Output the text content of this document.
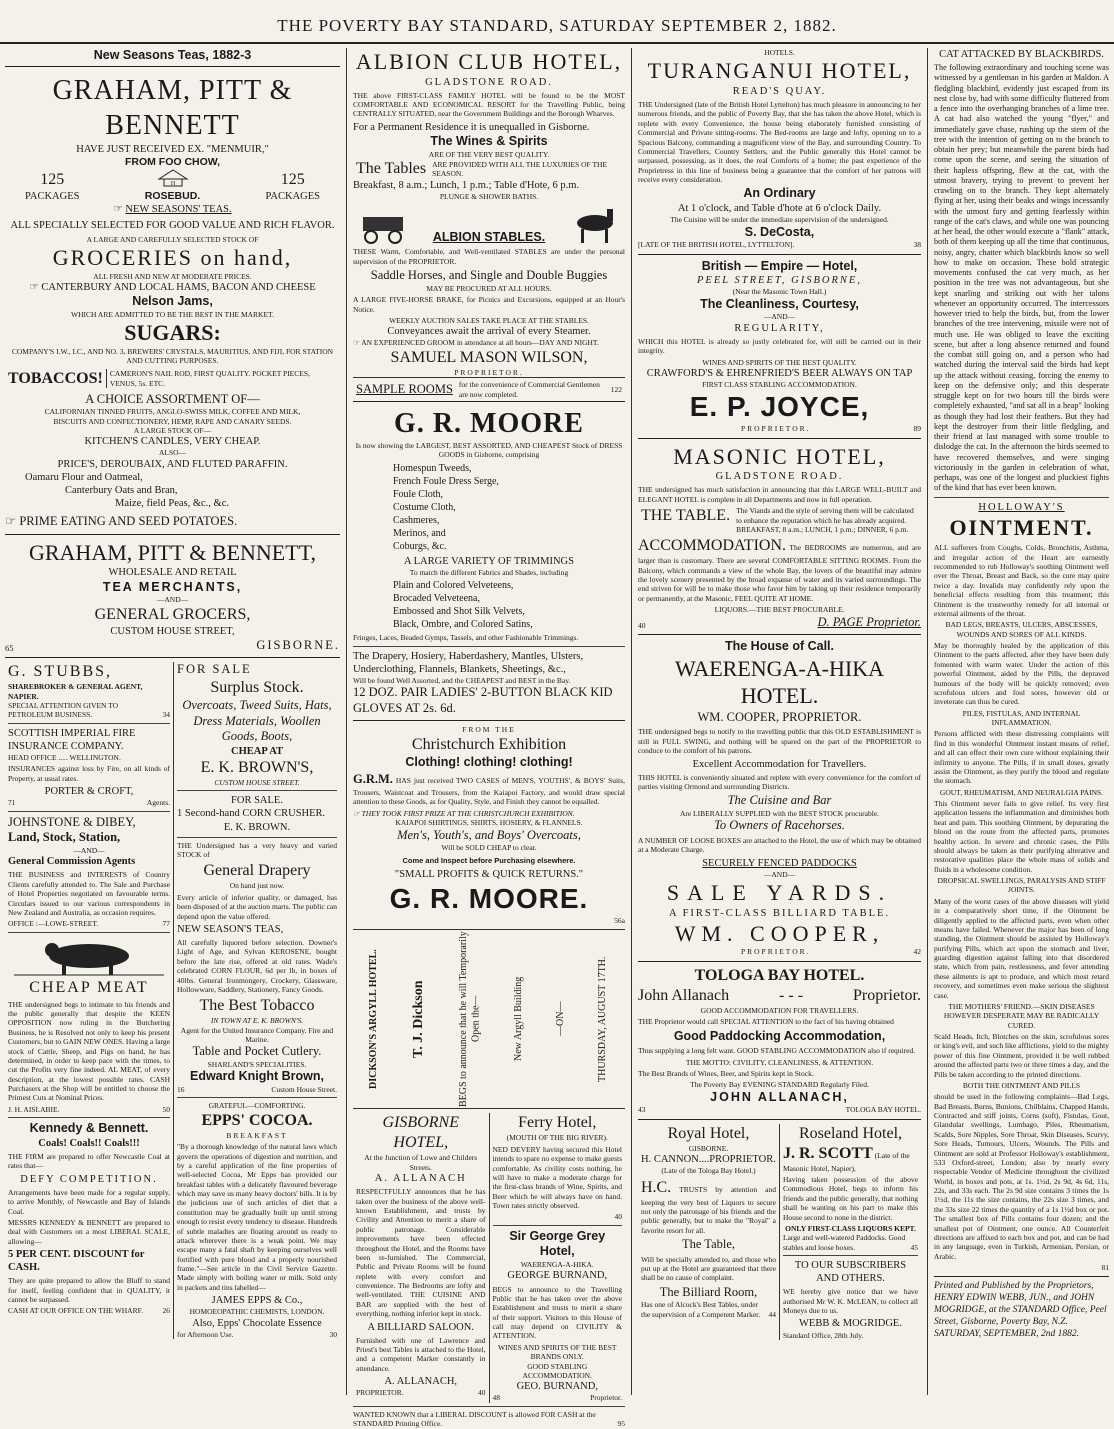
THE POVERTY BAY STANDARD, SATURDAY SEPTEMBER 2, 1882.
New Seasons Teas, 1882-3
GRAHAM, PITT & BENNETT
HAVE JUST RECEIVED EX. "MENMUIR,"
FROM FOO CHOW,
125
PACKAGES
H
ROSEBUD.
125
PACKAGES
☞ NEW SEASONS' TEAS.
ALL SPECIALLY SELECTED FOR GOOD VALUE AND RICH FLAVOR.
A LARGE AND CAREFULLY SELECTED STOCK OF
GROCERIES on hand,
ALL FRESH AND NEW AT MODERATE PRICES.
☞ CANTERBURY AND LOCAL HAMS, BACON AND CHEESE
Nelson Jams,
WHICH ARE ADMITTED TO BE THE BEST IN THE MARKET.
SUGARS:
COMPANY'S I.W., I.C., AND NO. 3, BREWERS' CRYSTALS, MAURITIUS, AND FIJI, FOR STATION AND CUTTING PURPOSES.
TOBACCOS! CAMERON'S NAIL ROD, FIRST QUALITY. POCKET PIECES, VENUS, 5s. ETC.
A CHOICE ASSORTMENT OF—
CALIFORNIAN TINNED FRUITS, ANGLO-SWISS MILK, COFFEE AND MILK, BISCUITS AND CONFECTIONERY, HEMP, RAPE AND CANARY SEEDS.
A LARGE STOCK OF—
KITCHEN'S CANDLES, VERY CHEAP.
ALSO—
PRICE'S, DEROUBAIX, AND FLUTED PARAFFIN.
Oamaru Flour and Oatmeal,
Canterbury Oats and Bran,
Maize, field Peas, &c., &c.
☞ PRIME EATING AND SEED POTATOES.
GRAHAM, PITT & BENNETT,
WHOLESALE AND RETAIL
TEA MERCHANTS,
—AND—
GENERAL GROCERS,
CUSTOM HOUSE STREET,
65	GISBORNE.
G. STUBBS,
SHAREBROKER & GENERAL AGENT, NAPIER.
SPECIAL ATTENTION GIVEN TO PETROLEUM BUSINESS.	34
SCOTTISH IMPERIAL FIRE INSURANCE COMPANY.
HEAD OFFICE ..... WELLINGTON.
INSURANCES against loss by Fire, on all kinds of Property, at usual rates.
PORTER & CROFT,
71	Agents.
JOHNSTONE & DIBEY,
Land, Stock, Station,
—AND—
General Commission Agents
THE BUSINESS and INTERESTS of Country Clients carefully attended to. The Sale and Purchase of Hotel Properties negotiated on favourable terms. Circulars issued to our various correspondents in New Zealand and Australia, as occasion requires.
OFFICE :—LOWE-STREET.	77
CHEAP MEAT
THE undersigned begs to intimate to his friends and the public generally that despite the KEEN OPPOSITION now ruling in the Butchering Business, he is Resolved not only to keep his present Customers, but to GAIN NEW ONES. Having a large stock of Cattle, Sheep, and Pigs on hand, he has determined, in order to keep pace with the times, to cut the Profits very fine indeed. AL MEAT, of every description, at the lowest possible rates. CASH Purchasers at the Shop will be entitled to choose the Primest Cuts at Nominal Prices.
J. H. AISLABIE.	50
Kennedy & Bennett.
Coals! Coals!! Coals!!!
THE FIRM are prepared to offer Newcastle Coal at rates that—
DEFY COMPETITION.
Arrangements have been made for a regular supply, to arrive Monthly, of Newcastle and Bay of Islands Coal.
MESSRS KENNEDY & BENNETT are prepared to deal with Customers on a most LIBERAL SCALE, allowing—
5 PER CENT. DISCOUNT for CASH.
They are quite prepared to allow the Bluff to stand for itself, feeling confident that in QUALITY, it cannot be surpassed.
CASH AT OUR OFFICE ON THE WHARF.	26
FOR SALE
Surplus Stock.
Overcoats, Tweed Suits, Hats, Dress Materials, Woollen Goods, Boots,
CHEAP AT
E. K. BROWN'S,
CUSTOM HOUSE STREET.
FOR SALE.
1 Second-hand CORN CRUSHER.
E. K. BROWN.
THE Undersigned has a very heavy and varied STOCK of
General Drapery
On hand just now.
Every article of inferior quality, or damaged, has been disposed of at the auction marts. The public can depend upon the value offered.
NEW SEASON'S TEAS,
All carefully liquored before selection. Downer's Light of Age, and Sylvan KEROSENE, bought before the late rise, offered at old rates. Wade's celebrated CORN FLOUR, 6d per lb, in boxes of 40lbs. General Ironmongery, Crockery, Glassware, Hollowware, Saddlery, Stationery, Fancy Goods.
The Best Tobacco
IN TOWN AT E. K. BROWN'S.
Agent for the United Insurance Company. Fire and Marine.
Table and Pocket Cutlery.
SHARLAND'S SPECIALITIES.
Edward Knight Brown,
16	Custom House Street.
GRATEFUL—COMFORTING.
EPPS' COCOA.
BREAKFAST
"By a thorough knowledge of the natural laws which govern the operations of digestion and nutrition, and by a careful application of the fine properties of well-selected Cocoa, Mr Epps has provided our breakfast tables with a delicately flavoured beverage which may save us many heavy doctors' bills. It is by the judicious use of such articles of diet that a constitution may be gradually built up until strong enough to resist every tendency to disease. Hundreds of subtle maladies are floating around us ready to attack wherever there is a weak point. We may escape many a fatal shaft by keeping ourselves well fortified with pure blood and a properly nourished frame."—See article in the Civil Service Gazette. Made simply with boiling water or milk. Sold only in packets and tins labelled—
JAMES EPPS & Co.,
HOMOEOPATHIC CHEMISTS, LONDON.
Also, Epps' Chocolate Essence
for Afternoon Use.	30
ALBION CLUB HOTEL,
GLADSTONE ROAD.
THE above FIRST-CLASS FAMILY HOTEL will be found to be the MOST COMFORTABLE AND ECONOMICAL RESORT for the Travelling Public, being CENTRALLY SITUATED, near the Government Buildings and the Borough Wharves.
For a Permanent Residence it is unequalled in Gisborne.
The Wines & Spirits
ARE OF THE VERY BEST QUALITY.
The Tables ARE PROVIDED WITH ALL THE LUXURIES OF THE SEASON.
Breakfast, 8 a.m.; Lunch, 1 p.m.; Table d'Hote, 6 p.m.
PLUNGE & SHOWER BATHS.
ALBION STABLES.
THESE Warm, Comfortable, and Well-ventilated STABLES are under the personal supervision of the PROPRIETOR.
Saddle Horses, and Single and Double Buggies
MAY BE PROCURED AT ALL HOURS.
A LARGE FIVE-HORSE BRAKE, for Picnics and Excursions, equipped at an Hour's Notice.
WEEKLY AUCTION SALES TAKE PLACE AT THE STABLES.
Conveyances await the arrival of every Steamer.
☞ AN EXPERIENCED GROOM in attendance at all hours—DAY AND NIGHT.
SAMUEL MASON WILSON,
PROPRIETOR.
SAMPLE ROOMS for the convenience of Commercial Gentlemen are now completed.
122
G. R. MOORE
Is now showing the LARGEST, BEST ASSORTED, AND CHEAPEST Stock of DRESS GOODS in Gisborne, comprising
Homespun Tweeds,
French Foule Dress Serge,
Foule Cloth,
Costume Cloth,
Cashmeres,
Merinos, and
Coburgs, &c.
A LARGE VARIETY OF TRIMMINGS
To match the different Fabrics and Shades, including
Plain and Colored Velveteens,
Brocaded Velveteena,
Embossed and Shot Silk Velvets,
Black, Ombre, and Colored Satins,
Fringes, Laces, Beaded Gymps, Tassels, and other Fashionable Trimmings.
The Drapery, Hosiery, Haberdashery, Mantles, Ulsters, Underclothing, Flannels, Blankets, Sheetings, &c.,
Will be found Well Assorted, and the CHEAPEST and BEST in the Bay.
12 DOZ. PAIR LADIES' 2-BUTTON BLACK KID GLOVES AT 2s. 6d.
FROM THE
Christchurch Exhibition
Clothing! clothing! clothing!
G.R.M. HAS just received TWO CASES of MEN'S, YOUTHS', & BOYS' Suits, Trousers, Waistcoat and Trousers, from the Kaiapoi Factory, and would draw special attention to these Goods, as for Quality, Style, and Finish they cannot be equalled.
☞ THEY TOOK FIRST PRIZE AT THE CHRISTCHURCH EXHIBITION.
KAIAPOI SHIRTINGS, SHIRTS, HOSIERY, & FLANNELS.
Men's, Youth's, and Boys' Overcoats,
Will be SOLD CHEAP to clear.
Come and Inspect before Purchasing elsewhere.
"SMALL PROFITS & QUICK RETURNS."
G. R. MOORE.
56a
DICKSON'S ARGYLL HOTEL. T. J. Dickson	BEGS to announce that he will Temporarily Open the—	New Argyll Building	—ON—	THURSDAY, AUGUST 17TH.
GISBORNE HOTEL,
At the Junction of Lowe and Childers Streets.
A. ALLANACH
RESPECTFULLY announces that he has taken over the business of the above well-known Establishment, and trusts by Civility and Attention to merit a share of public patronage. Considerable improvements have been effected throughout the Hotel, and the Rooms have been re-furnished. The Commercial, Public and Private Rooms will be found replete with every comfort and convenience. The Bedrooms are lofty and well-ventilated. THE CUISINE AND BAR are supplied with the best of everything, nothing inferior kept in stock.
A BILLIARD SALOON.
Furnished with one of Lawrence and Priest's best Tables is attached to the Hotel, and a competent Marker constantly in attendance.
A. ALLANACH,
PROPRIETOR.	40
Ferry Hotel,
(MOUTH OF THE BIG RIVER).
NED DEVERY having secured this Hotel intends to spare no expense to make guests comfortable. As civility costs nothing, he will have to make a moderate charge for the first-class brands of Wine, Spirits, and Beer which he will always have on hand. Town rates strictly observed.
40
Sir George Grey Hotel,
WAERENGA-A-HIKA.
GEORGE BURNAND,
BEGS to announce to the Travelling Public that he has taken over the above Establishment and trusts to merit a share of their support. Visitors to this House of call may depend on CIVILITY & ATTENTION.
WINES AND SPIRITS OF THE BEST BRANDS ONLY.
GOOD STABLING ACCOMMODATION.
GEO. BURNAND,
48	Proprietor.
WANTED KNOWN that a LIBERAL DISCOUNT is allowed FOR CASH at the STANDARD Printing Office.	95
HOTELS.
TURANGANUI HOTEL,
READ'S QUAY.
THE Undersigned (late of the British Hotel Lyttelton) has much pleasure in announcing to her numerous friends, and the public of Poverty Bay, that she has taken the above Hotel, which is replete with every Convenience, the house being elaborately furnished consisting of Commercial and Private sitting-rooms. The Bed-rooms are large and lofty, opening on to a Spacious Balcony, commanding a magnificent view of the Bay, and surrounding Country. To Commercial Travellers, Country Settlers, and the Public generally this Hotel cannot be surpassed, possessing, as it does, the real Comforts of a home; the past experience of the Proprietress in this line of business being a guarantee that the comfort of her patrons will receive every consideration.
An Ordinary
At 1 o'clock, and Table d'hote at 6 o'clock Daily.
The Cuisine will be under the immediate supervision of the undersigned.
S. DeCosta,
[LATE OF THE BRITISH HOTEL, LYTTELTON].	38
British — Empire — Hotel,
PEEL STREET, GISBORNE,
(Near the Masonic Town Hall.)
The Cleanliness, Courtesy,
—AND—
REGULARITY,
WHICH this HOTEL is already so justly celebrated for, will still be carried out in their integrity.
WINES AND SPIRITS OF THE BEST QUALITY.
CRAWFORD'S & EHRENFRIED'S BEER ALWAYS ON TAP
FIRST CLASS STABLING ACCOMMODATION.
E. P. JOYCE,
PROPRIETOR.	89
MASONIC HOTEL,
GLADSTONE ROAD.
THE undersigned has much satisfaction in announcing that this LARGE WELL-BUILT and ELEGANT HOTEL is complete in all Departments and now in full operation.
THE TABLE. The Viands and the style of serving them will be calculated to enhance the reputation which he has already acquired. BREAKFAST, 8 a.m.; LUNCH, 1 p.m.; DINNER, 6 p.m.
ACCOMMODATION. The BEDROOMS are numerous, and are larger than is customary. There are several COMFORTABLE SITTING ROOMS. From the Balcony, which commands a view of the whole Bay, the lovers of the beautiful may admire the lovely scenery presented by the broad expanse of water and its varied surroundings. The end striven for will be to make those who favor him by taking up their residence temporarily or permanently, at the Masonic, FEEL QUITE AT HOME.
LIQUORS.—THE BEST PROCURABLE.
40	D. PAGE Proprietor.
The House of Call.
WAERENGA-A-HIKA HOTEL.
WM. COOPER, PROPRIETOR.
THE undersigned begs to notify to the travelling public that this OLD ESTABLISHMENT is still in FULL SWING, and nothing will be spared on the part of the PROPRIETOR to conduce to the comfort of his patrons.
Excellent Accommodation for Travellers.
THIS HOTEL is conveniently situated and replete with every convenience for the comfort of parties visiting Ormond and surrounding Districts.
The Cuisine and Bar
Are LIBERALLY SUPPLIED with the BEST STOCK procurable.
To Owners of Racehorses.
A NUMBER OF LOOSE BOXES are attached to the Hotel, the use of which may be obtained at a Moderate Charge.
SECURELY FENCED PADDOCKS
—AND—
SALE YARDS.
A FIRST-CLASS BILLIARD TABLE.
WM. COOPER,
PROPRIETOR.	42
TOLOGA BAY HOTEL.
John Allanach	- - -	Proprietor.
GOOD ACCOMMODATION FOR TRAVELLERS.
THE Proprietor would call SPECIAL ATTENTION to the fact of his having obtained
Good Paddocking Accommodation,
Thus supplying a long felt want. GOOD STABLING ACCOMMODATION also if required.
THE MOTTO: CIVILITY, CLEANLINESS, & ATTENTION.
The Best Brands of Wines, Beer, and Spirits kept in Stock.
The Poverty Bay EVENING STANDARD Regularly Filed.
JOHN ALLANACH,
43	TOLOGA BAY HOTEL.
Royal Hotel,
GISBORNE.
H. CANNON....PROPRIETOR.
(Late of the Tologa Bay Hotel.)
H.C. TRUSTS by attention and keeping the very best of Liquors to secure not only the patronage of his friends and the public generally, but to make the "Royal" a favorite resort for all.
The Table,
Will be specially attended to, and those who put up at the Hotel are guaranteed that there shall be no cause of complaint.
The Billiard Room,
Has one of Alcock's Best Tables, under the supervision of a Competent Marker.	44
Roseland Hotel,
J. R. SCOTT (Late of the Masonic Hotel, Napier),
Having taken possession of the above Commodious Hotel, begs to inform his friends and the public generally, that nothing shall be wanting on his part to make this House second to none in the district.
ONLY FIRST-CLASS LIQUORS KEPT.
Large and well-watered Paddocks. Good stables and loose boxes.	45
TO OUR SUBSCRIBERS AND OTHERS.
WE hereby give notice that we have authorised Mr W. K. McLEAN, to collect all Moneys due to us.
WEBB & MOGRIDGE.
Standard Office, 28th July.
CAT ATTACKED BY BLACKBIRDS.
The following extraordinary and touching scene was witnessed by a gentleman in his garden at Maldon. A fledgling blackbird, evidently just escaped from its nest close by, had with some difficulty fluttered from a fence into the overhanging branches of a lime tree. A cat had also watched the young "flyer," and immediately gave chase, rushing up the stem of the tree with the intention of getting on to the branch to obtain her prey; but meanwhile the parent birds had come upon the scene, and seeing the situation of their hapless offspring, flew at the cat, with the utmost bravery, trying to prevent to prevent her crawling on to the branch. They kept alternately flying at her, using their beaks and wings incessantly with the utmost fury and getting fearlessly within range of the cat's claws, and while one was pouncing at her head, the other would execute a "flank" attack, both of them keeping up all the time that continuous, noisy, angry, chatter which blackbirds know so well how to make on occasion. These bold strategic movements confused the cat very much, as her position in the tree was not advantageous, but she kept snarling and striking out with her talons whenever an opportunity occurred. The intercessors however tried to help the birds, but, from the lower branches of the tree intervening, missile were not of much use. He was obliged to leave the exciting scene, but after a long absence returned and found the combat still going on, and a person who had watched during the interval said the birds had kept up the attack without ceasing, forcing the enemy to keep on the defensive only; and this desperate struggle kept on for two hours till the birds were completely exhausted, "and sat all in a heap" looking as though they had lost their feathers. But they had kept the destroyer from their little fledgling, and their friend at last managed with some trouble to dislodge the cat. In the afternoon the birds seemed to have recovered themselves, and were singing victoriously in the garden in celebration of what, perhaps, was one of the longest and pluckiest fights of the kind that has ever been known.
HOLLOWAY'S
OINTMENT.
ALL sufferers from Coughs, Colds, Bronchitis, Asthma, and irregular action of the Heart are earnestly recommended to rub Holloway's soothing Ointment well over the Throat, Breast and Back, so the cure may quire twice a day. Invalids may confidently rely upon the beneficial effects resulting from this treatment; this Ointment is the trustworthy remedy for all internal or external ailments of the throat.
BAD LEGS, BREASTS, ULCERS, ABSCESSES, WOUNDS AND SORES OF ALL KINDS.
May be thoroughly healed by the application of this Ointment to the parts affected, after they have been duly fomented with warm water. Under the action of this powerful Ointment, aided by the Pills, the depraved humours of the body will be quickly removed; even scrofulous ulcers and foul sores, however old or inveterate can thus be cured.
PILES, FISTULAS, AND INTERNAL INFLAMMATION.
Persons afflicted with these distressing complaints will find in this wonderful Ointment instant means of relief, and all can effect their own cure without explaining their infirmity to anyone. The Pills, if in small doses, greatly assist the Ointment, as they purify the blood and regulate the stomach.
GOUT, RHEUMATISM, AND NEURALGIA PAINS.
This Ointment never fails to give relief. Its very first application lessens the inflammation and diminishes both heat and pain. This soothing Ointment, by depurating the blood on the route from the affected parts, promotes healthy action. In severe and chronic cases, the Pills should always be taken as their purifying alterative and restorative qualities place the whole mass of solids and fluids in a wholesome condition.
DROPSICAL SWELLINGS, PARALYSIS AND STIFF JOINTS.
Many of the worst cases of the above diseases will yield in a comparatively short time, if the Ointment be diligently applied to the affected parts, even when other means have failed. Whenever the major has been of long standing, the Ointment should be assisted by Holloway's purifying Pills, which act upon the stomach and liver, guarding digestion against falling into that disordered state, which from pain, restlessness, and fever attending these ailments is apt to produce, and which most retard recovery, and sometimes even make serious the slightest case.
THE MOTHERS' FRIEND.—SKIN DISEASES HOWEVER DESPERATE MAY BE RADICALLY CURED.
Scald Heads, Itch, Blotches on the skin, scrofulous sores or king's evil, and such like afflictions, yield to the mighty power of this fine Ointment, provided it be well rubbed around the affected parts two or three times a day, and the Pills be taken according to the printed directions.
BOTH THE OINTMENT AND PILLS
should be used in the following complaints—Bad Legs, Bad Breasts, Burns, Bunions, Chilblains, Chapped Hands, Contracted and stiff joints, Corns (soft), Fistulas, Gout, Glandular swellings, Lumbago, Piles, Rheumatism, Scalds, Sore Nipples, Sore Throat, Skin Diseases, Scurvy, Sore Heads, Tumours, Ulcers, Wounds. The Pills and Ointment are sold at Professor Holloway's establishment, 533 Oxford-street, London; also by nearly every respectable Vendor of Medicine throughout the civilized World, in boxes and pots, at 1s. 1½d, 2s 9d, 4s 6d, 11s, 22s, and 33s each. The 2s 9d size contains 3 times the 1s 1½d, the 11s the size contains, the 22s size 3 times, and the 33s size 22 times the quantity of a 1s 1½d box or pot. The smallest box of Pills contains four dozen; and the smallest pot of Ointment, one ounce. All Counterfeit directions are affixed to each box and pot, and can be had in any language, even in Turkish, Armenian, Persian, or Arabic.
81
Printed and Published by the Proprietors, HENRY EDWIN WEBB, JUN., and JOHN MOGRIDGE, at the STANDARD Office, Peel Street, Gisborne, Poverty Bay, N.Z.
SATURDAY, SEPTEMBER, 2nd 1882.
